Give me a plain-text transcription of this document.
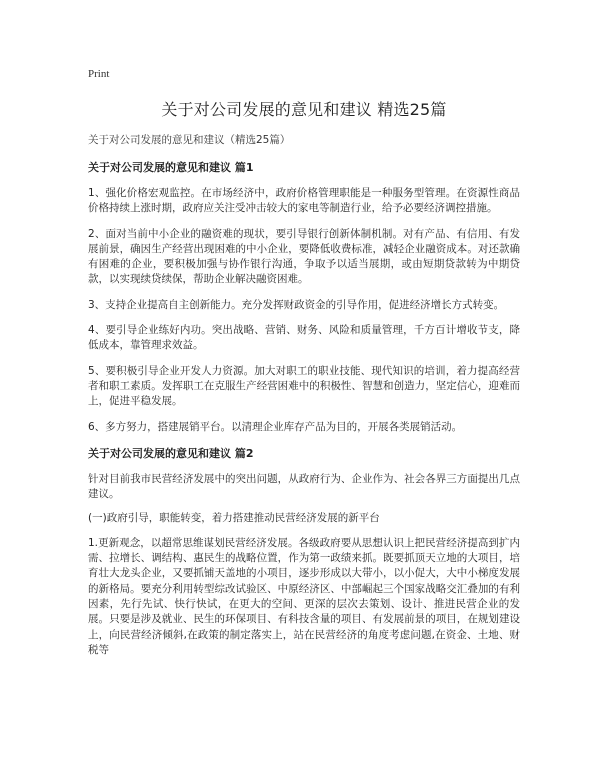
Print
关于对公司发展的意见和建议 精选25篇

关于对公司发展的意见和建议（精选25篇）

关于对公司发展的意见和建议 篇1

1、强化价格宏观监控。在市场经济中，政府价格管理职能是一种服务型管理。在资源性商品价格持续上涨时期，政府应关注受冲击较大的家电等制造行业，给予必要经济调控措施。

2、面对当前中小企业的融资难的现状，要引导银行创新体制机制。对有产品、有信用、有发展前景，确因生产经营出现困难的中小企业，要降低收费标准，减轻企业融资成本。对还款确有困难的企业，要积极加强与协作银行沟通，争取予以适当展期，或由短期贷款转为中期贷款，以实现续贷续保，帮助企业解决融资困难。

3、支持企业提高自主创新能力。充分发挥财政资金的引导作用，促进经济增长方式转变。

4、要引导企业练好内功。突出战略、营销、财务、风险和质量管理，千方百计增收节支，降低成本，靠管理求效益。

5、要积极引导企业开发人力资源。加大对职工的职业技能、现代知识的培训，着力提高经营者和职工素质。发挥职工在克服生产经营困难中的积极性、智慧和创造力，坚定信心，迎难而上，促进平稳发展。

6、多方努力，搭建展销平台。以清理企业库存产品为目的，开展各类展销活动。

关于对公司发展的意见和建议 篇2

针对目前我市民营经济发展中的突出问题，从政府行为、企业作为、社会各界三方面提出几点建议。

(一)政府引导，职能转变，着力搭建推动民营经济发展的新平台

1.更新观念，以超常思维谋划民营经济发展。各级政府要从思想认识上把民营经济提高到扩内需、拉增长、调结构、惠民生的战略位置，作为第一政绩来抓。既要抓顶天立地的大项目，培育壮大龙头企业，又要抓铺天盖地的小项目，逐步形成以大带小，以小促大，大中小梯度发展的新格局。要充分利用转型综改试验区、中原经济区、中部崛起三个国家战略交汇叠加的有利因素，先行先试、快行快试，在更大的空间、更深的层次去策划、设计、推进民营企业的发展。只要是涉及就业、民生的环保项目、有科技含量的项目、有发展前景的项目，在规划建设上，向民营经济倾斜,在政策的制定落实上，站在民营经济的角度考虑问题,在资金、土地、财税等
